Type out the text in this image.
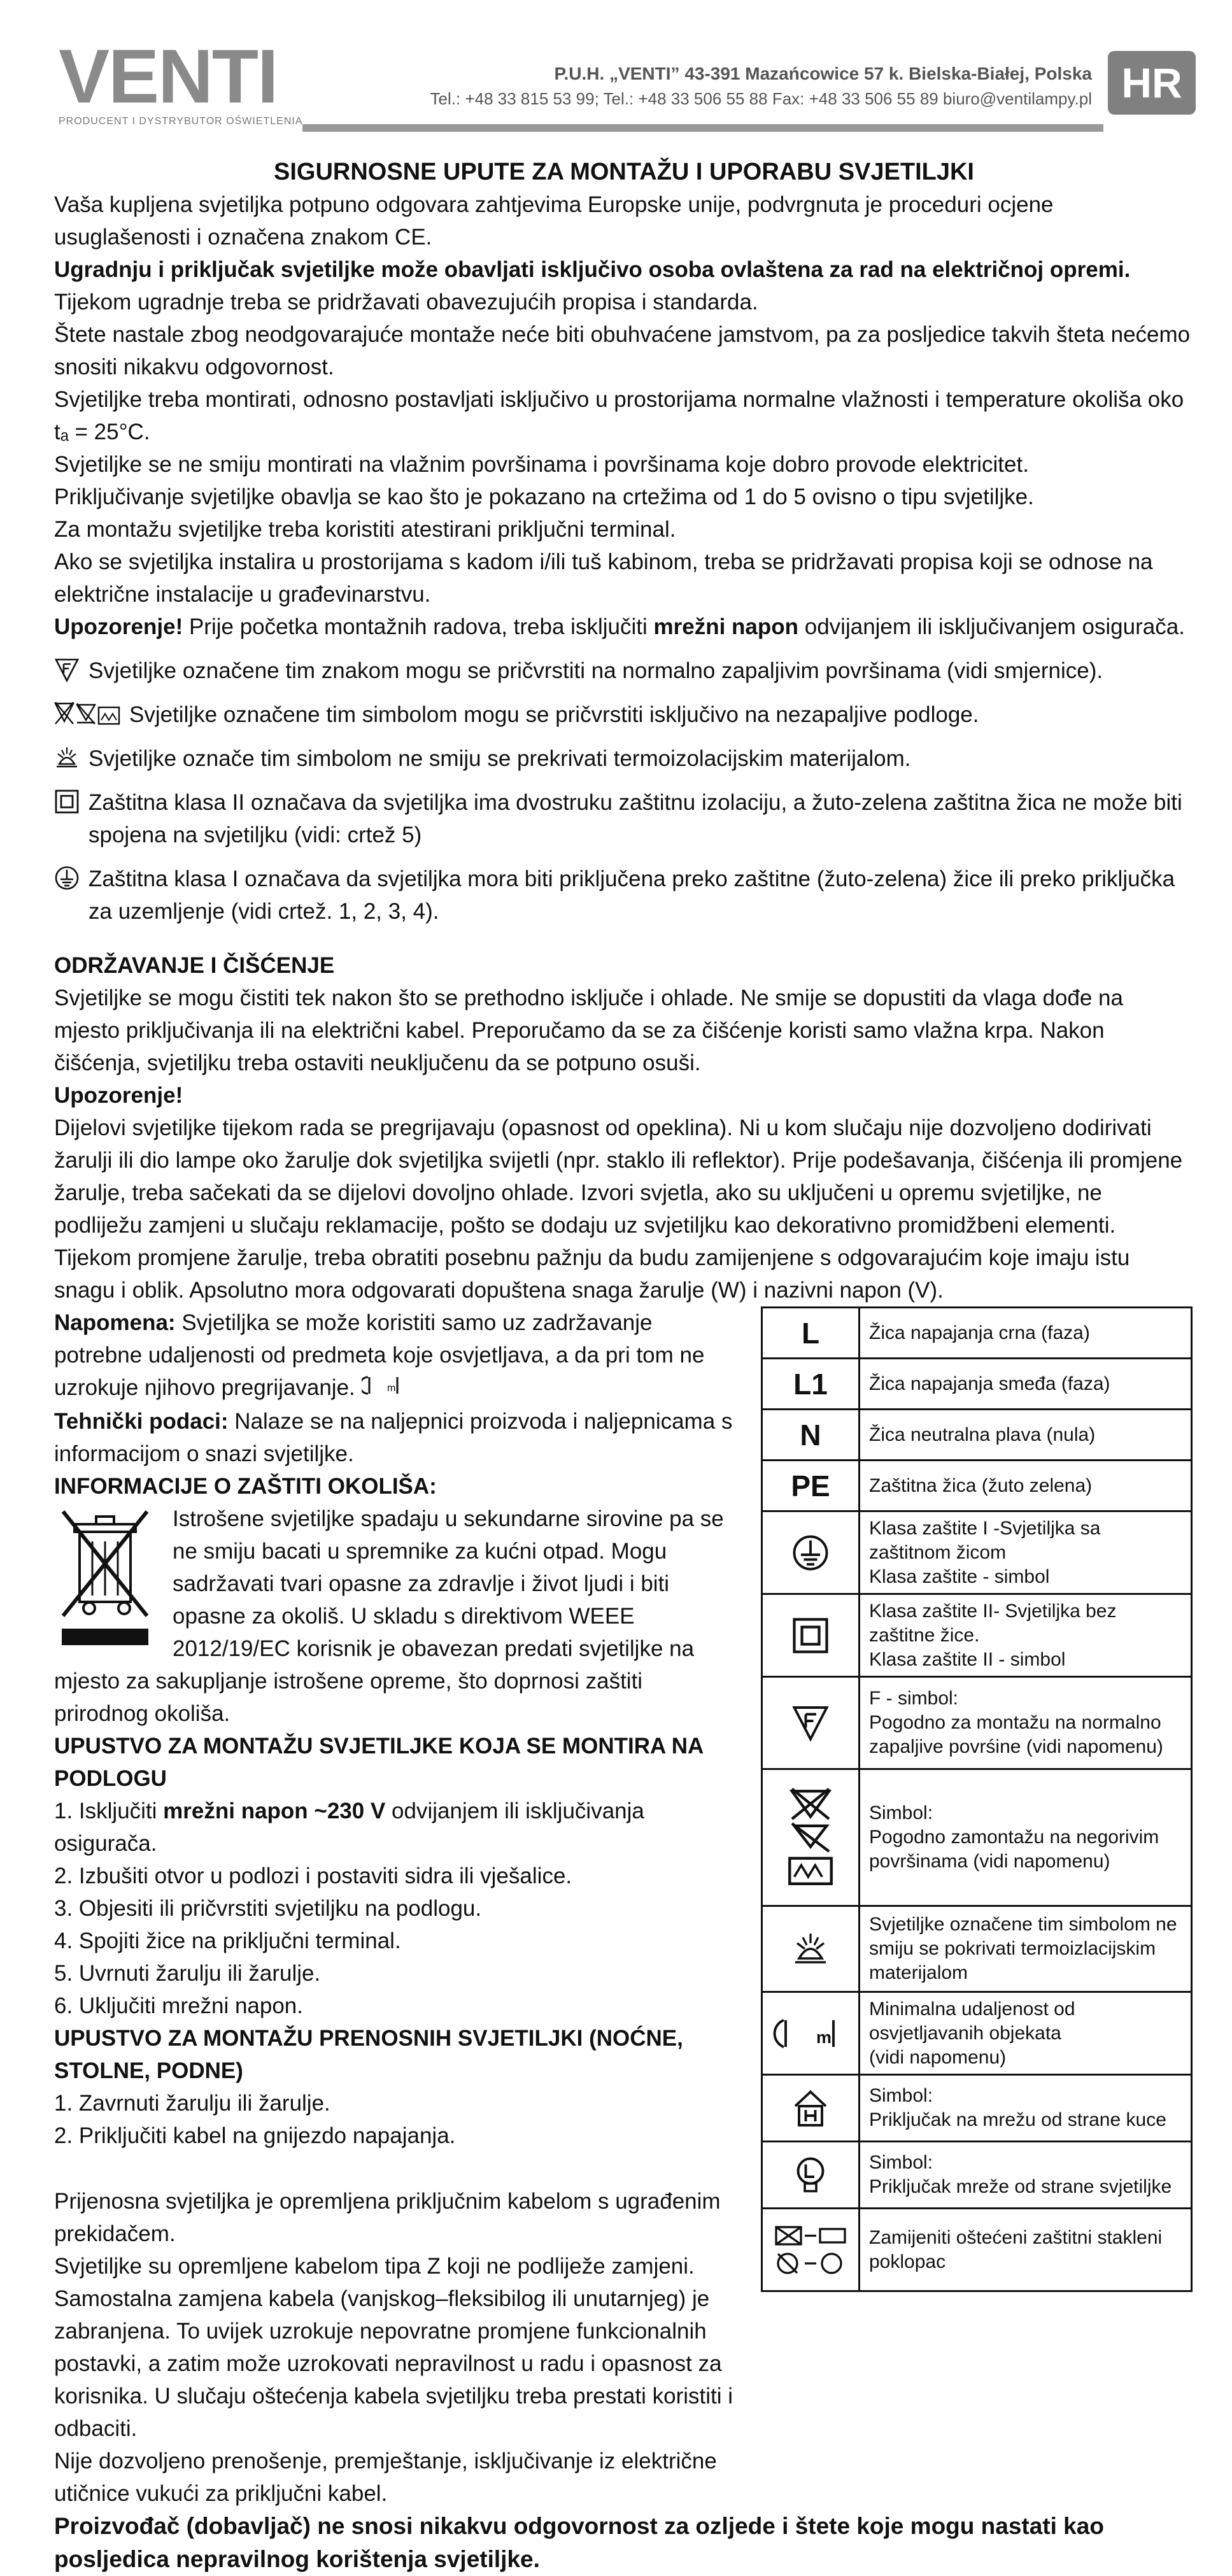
VENTI
PRODUCENT I DYSTRYBUTOR OŚWIETLENIA
P.U.H. „VENTI” 43-391 Mazańcowice 57 k. Bielska-Białej, Polska
Tel.: +48 33 815 53 99; Tel.: +48 33 506 55 88 Fax: +48 33 506 55 89 biuro@ventilampy.pl HR

SIGURNOSNE UPUTE ZA MONTAŽU I UPORABU SVJETILJKI

Vaša kupljena svjetiljka potpuno odgovara zahtjevima Europske unije, podvrgnuta je proceduri ocjene usuglašenosti i označena znakom CE.

Ugradnju i priključak svjetiljke može obavljati isključivo osoba ovlaštena za rad na električnoj opremi.

Tijekom ugradnje treba se pridržavati obavezujućih propisa i standarda.

Štete nastale zbog neodgovarajuće montaže neće biti obuhvaćene jamstvom, pa za posljedice takvih šteta nećemo snositi nikakvu odgovornost.

Svjetiljke treba montirati, odnosno postavljati isključivo u prostorijama normalne vlažnosti i temperature okoliša oko tₐ = 25°C.

Svjetiljke se ne smiju montirati na vlažnim površinama i površinama koje dobro provode elektricitet.

Priključivanje svjetiljke obavlja se kao što je pokazano na crtežima od 1 do 5 ovisno o tipu svjetiljke.

Za montažu svjetiljke treba koristiti atestirani priključni terminal.

Ako se svjetiljka instalira u prostorijama s kadom i/ili tuš kabinom, treba se pridržavati propisa koji se odnose na električne instalacije u građevinarstvu.

Upozorenje! Prije početka montažnih radova, treba isključiti mrežni napon odvijanjem ili isključivanjem osigurača.

Svjetiljke označene tim znakom mogu se pričvrstiti na normalno zapaljivim površinama (vidi smjernice).
Svjetiljke označene tim simbolom mogu se pričvrstiti isključivo na nezapaljive podloge.
Svjetiljke označe tim simbolom ne smiju se prekrivati termoizolacijskim materijalom.
Zaštitna klasa II označava da svjetiljka ima dvostruku zaštitnu izolaciju, a žuto-zelena zaštitna žica ne može biti spojena na svjetiljku (vidi: crtež 5)
Zaštitna klasa I označava da svjetiljka mora biti priključena preko zaštitne (žuto-zelena) žice ili preko priključka za uzemljenje (vidi crtež. 1, 2, 3, 4).

ODRŽAVANJE I ČIŠĆENJE

Svjetiljke se mogu čistiti tek nakon što se prethodno isključe i ohlade. Ne smije se dopustiti da vlaga dođe na mjesto priključivanja ili na električni kabel. Preporučamo da se za čišćenje koristi samo vlažna krpa. Nakon čišćenja, svjetiljku treba ostaviti neuključenu da se potpuno osuši.

Upozorenje!

Dijelovi svjetiljke tijekom rada se pregrijavaju (opasnost od opeklina). Ni u kom slučaju nije dozvoljeno dodirivati žarulji ili dio lampe oko žarulje dok svjetiljka svijetli (npr. staklo ili reflektor). Prije podešavanja, čišćenja ili promjene žarulje, treba sačekati da se dijelovi dovoljno ohlade. Izvori svjetla, ako su uključeni u opremu svjetiljke, ne podliježu zamjeni u slučaju reklamacije, pošto se dodaju uz svjetiljku kao dekorativno promidžbeni elementi. Tijekom promjene žarulje, treba obratiti posebnu pažnju da budu zamijenjene s odgovarajućim koje imaju istu snagu i oblik. Apsolutno mora odgovarati dopuštena snaga žarulje (W) i nazivni napon (V).

L	Žica napajanja crna (faza)
L1	Žica napajanja smeđa (faza)
N	Žica neutralna plava (nula)
PE	Zaštitna žica (žuto zelena)

	Klasa zaštite I -Svjetiljka sa zaštitnom žicom
Klasa zaštite - simbol

	Klasa zaštite II- Svjetiljka bez zaštitne žice.
Klasa zaštite II - simbol

	F - simbol:
Pogodno za montažu na normalno zapaljive povrśine (vidi napomenu)

	Simbol:
Pogodno zamontažu na negorivim površinama (vidi napomenu)

	Svjetiljke označene tim simbolom ne smiju se pokrivati termoizlacijskim materijalom

m	Minimalna udaljenost od osvjetljavanih objekata
(vidi napomenu)

	Simbol:
Priključak na mrežu od strane kuce

	Simbol:
Priključak mreže od strane svjetiljke

	Zamijeniti oštećeni zaštitni stakleni poklopac

Napomena: Svjetiljka se može koristiti samo uz zadržavanje potrebne udaljenosti od predmeta koje osvjetljava, a da pri tom ne uzrokuje njihovo pregrijavanje.	m

Tehnički podaci: Nalaze se na naljepnici proizvoda i naljepnicama s informacijom o snazi svjetiljke.

INFORMACIJE O ZAŠTITI OKOLIŠA:

Istrošene svjetiljke spadaju u sekundarne sirovine pa se ne smiju bacati u spremnike za kućni otpad. Mogu sadržavati tvari opasne za zdravlje i život ljudi i biti opasne za okoliš. U skladu s direktivom WEEE 2012/19/EC korisnik je obavezan predati svjetiljke na mjesto za sakupljanje istrošene opreme, što doprnosi zaštiti prirodnog okoliša.

UPUSTVO ZA MONTAŽU SVJETILJKE KOJA SE MONTIRA NA PODLOGU

1. Isključiti mrežni napon ~230 V odvijanjem ili isključivanja osigurača.

2. Izbušiti otvor u podlozi i postaviti sidra ili vješalice.

3. Objesiti ili pričvrstiti svjetiljku na podlogu.

4. Spojiti žice na priključni terminal.

5. Uvrnuti žarulju ili žarulje.

6. Uključiti mrežni napon.

UPUSTVO ZA MONTAŽU PRENOSNIH SVJETILJKI (NOĆNE, STOLNE, PODNE)

1. Zavrnuti žarulju ili žarulje.

2. Priključiti kabel na gnijezdo napajanja.

Prijenosna svjetiljka je opremljena priključnim kabelom s ugrađenim prekidačem.

Svjetiljke su opremljene kabelom tipa Z koji ne podliježe zamjeni. Samostalna zamjena kabela (vanjskog–fleksibilog ili unutarnjeg) je zabranjena. To uvijek uzrokuje nepovratne promjene funkcionalnih postavki, a zatim može uzrokovati nepravilnost u radu i opasnost za korisnika. U slučaju oštećenja kabela svjetiljku treba prestati koristiti i odbaciti.

Nije dozvoljeno prenošenje, premještanje, isključivanje iz električne utičnice vukući za priključni kabel.

Proizvođač (dobavljač) ne snosi nikakvu odgovornost za ozljede i štete koje mogu nastati kao posljedica nepravilnog korištenja svjetiljke.
